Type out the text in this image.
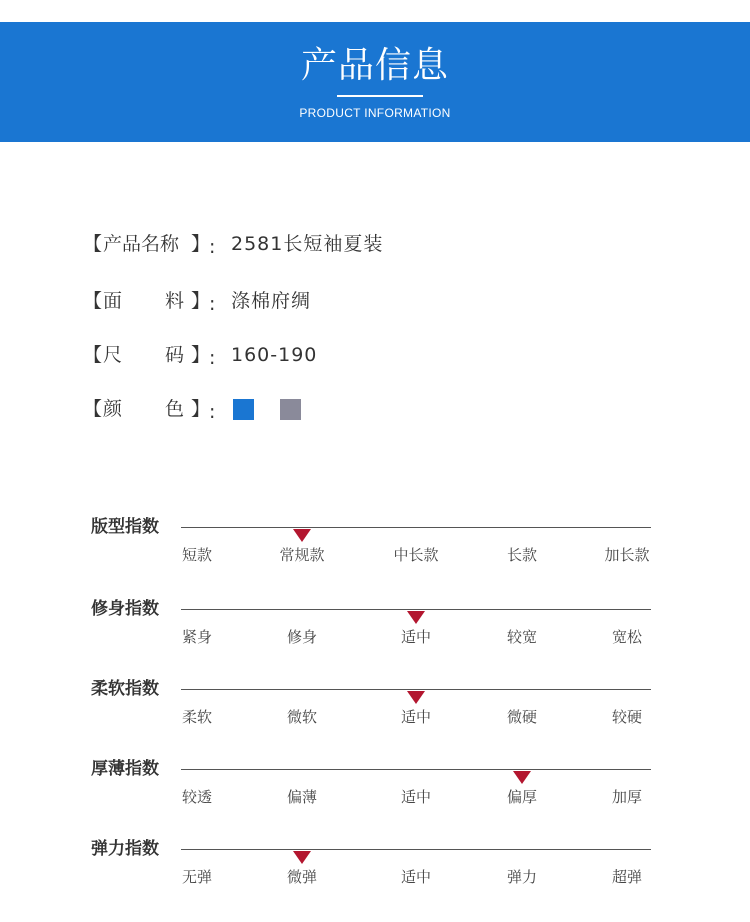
产品信息
PRODUCT INFORMATION
【 产品名称 】
: 2581长短袖夏装
【 面 料 】
: 涤棉府绸
【 尺 码 】
: 160-190
【 颜 色 】
:
版型指数
短款	常规款	中长款	长款	加长款
修身指数
紧身	修身	适中	较宽	宽松
柔软指数
柔软	微软	适中	微硬	较硬
厚薄指数
较透	偏薄	适中	偏厚	加厚
弹力指数
无弹	微弹	适中	弹力	超弹
